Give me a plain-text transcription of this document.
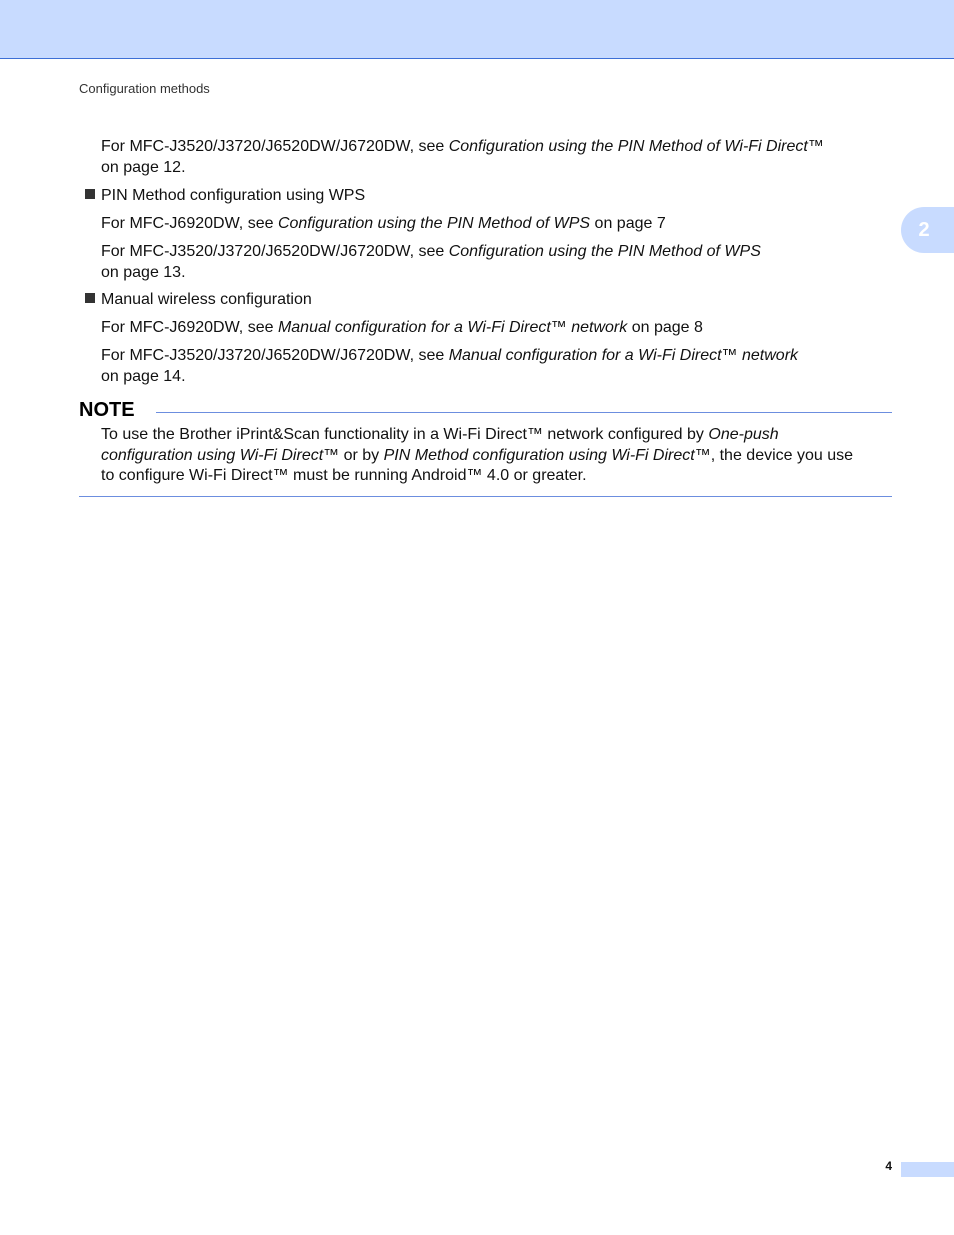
Configuration methods
2
For MFC-J3520/J3720/J6520DW/J6720DW, see Configuration using the PIN Method of Wi-Fi Direct™
on page 12.
PIN Method configuration using WPS
For MFC-J6920DW, see Configuration using the PIN Method of WPS on page 7
For MFC-J3520/J3720/J6520DW/J6720DW, see Configuration using the PIN Method of WPS
on page 13.
Manual wireless configuration
For MFC-J6920DW, see Manual configuration for a Wi-Fi Direct™ network on page 8
For MFC-J3520/J3720/J6520DW/J6720DW, see Manual configuration for a Wi-Fi Direct™ network
on page 14.
NOTE
To use the Brother iPrint&Scan functionality in a Wi-Fi Direct™ network configured by One-push
configuration using Wi-Fi Direct™ or by PIN Method configuration using Wi-Fi Direct™, the device you use
to configure Wi-Fi Direct™ must be running Android™ 4.0 or greater.
4
